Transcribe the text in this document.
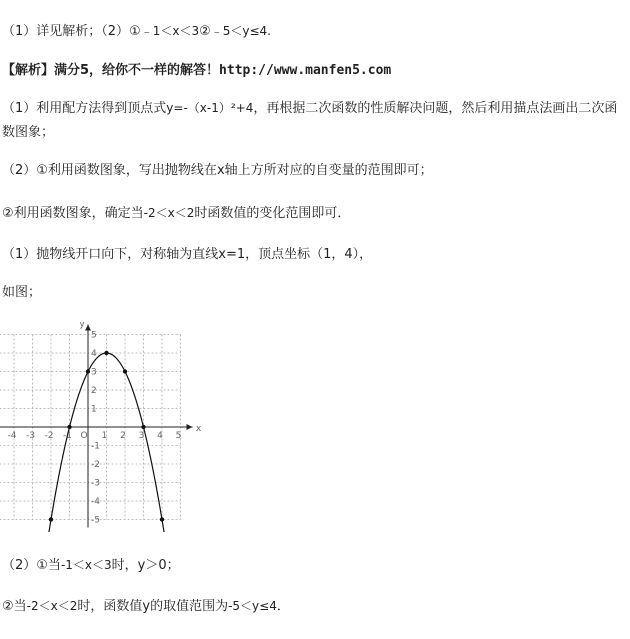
（1）详见解析；（2）①﹣1＜x＜3②﹣5＜y≤4.
【解析】满分5，给你不一样的解答！http://www.manfen5.com
（1）利用配方法得到顶点式y=-（x-1）²+4，再根据二次函数的性质解决问题，然后利用描点法画出二次函数图象；
（2）①利用函数图象，写出抛物线在x轴上方所对应的自变量的范围即可；
②利用函数图象，确定当-2＜x＜2时函数值的变化范围即可．
（1）抛物线开口向下，对称轴为直线x=1，顶点坐标（1，4），
如图；
-4 -3 -2 -1	1 2 3 4 5
5
4
3
2
1
-1
-2
-3
-4
-5
O
x
y
（2）①当-1＜x＜3时，y＞0；
②当-2＜x＜2时，函数值y的取值范围为-5＜y≤4．
